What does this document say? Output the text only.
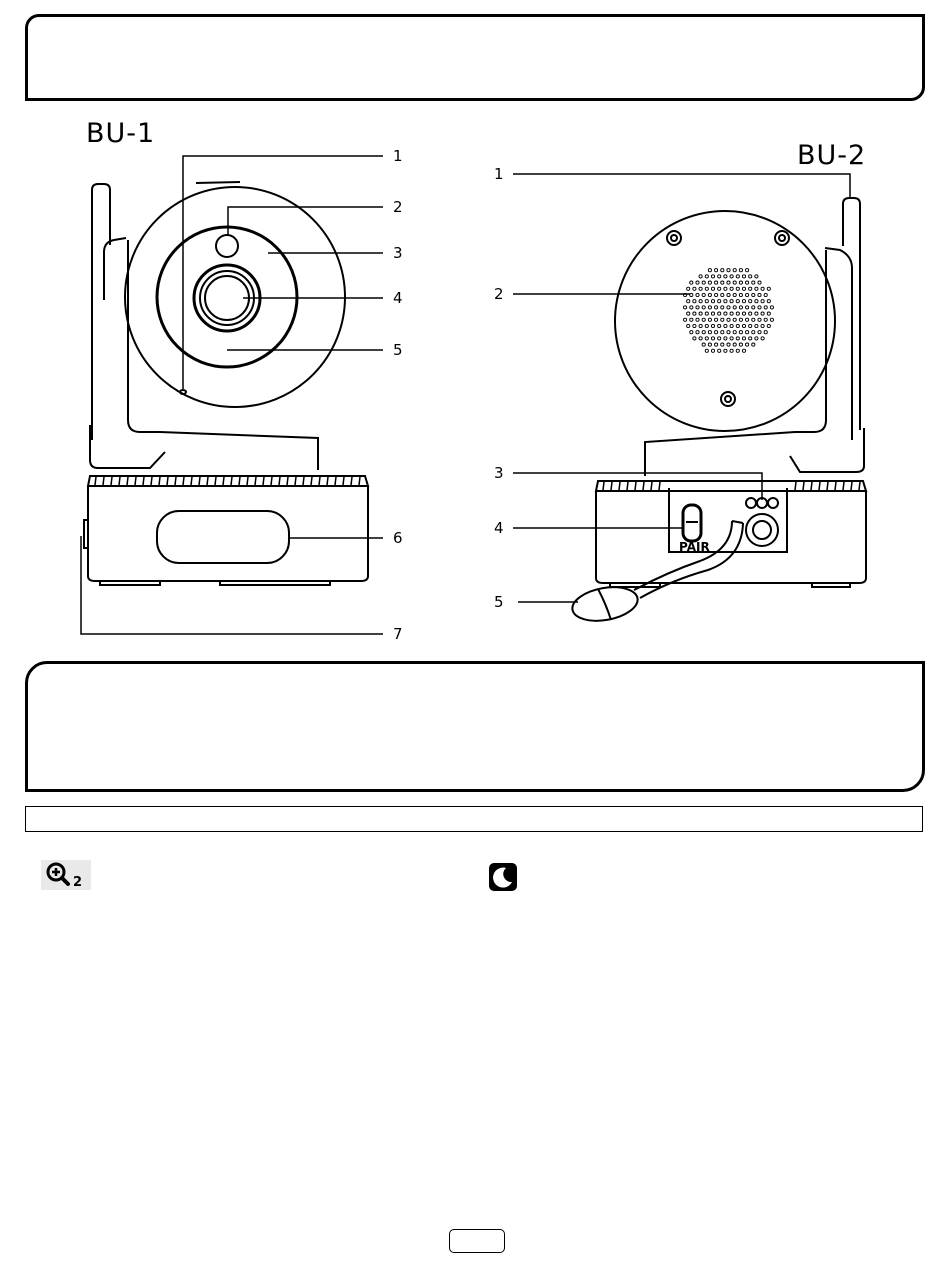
BU-1
BU-2
1
2
3
4
5
6
7
1
2
3
4
5
PAIR
2
★
